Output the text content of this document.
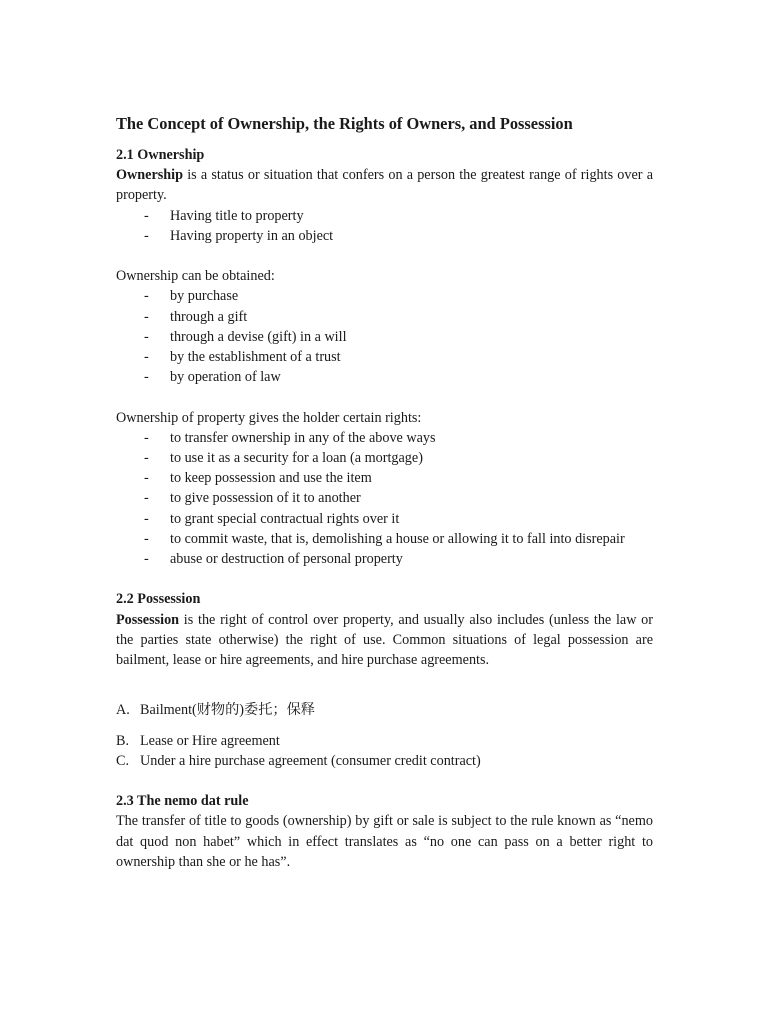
The Concept of Ownership, the Rights of Owners, and Possession
2.1 Ownership

Ownership is a status or situation that confers on a person the greatest range of rights over a property.

- Having title to property
- Having property in an object

Ownership can be obtained:

- by purchase
- through a gift
- through a devise (gift) in a will
- by the establishment of a trust
- by operation of law

Ownership of property gives the holder certain rights:

- to transfer ownership in any of the above ways
- to use it as a security for a loan (a mortgage)
- to keep possession and use the item
- to give possession of it to another
- to grant special contractual rights over it
- to commit waste, that is, demolishing a house or allowing it to fall into disrepair
- abuse or destruction of personal property
2.2 Possession

Possession is the right of control over property, and usually also includes (unless the law or the parties state otherwise) the right of use. Common situations of legal possession are bailment, lease or hire agreements, and hire purchase agreements.

A. Bailment(财物的)委托；保释
B. Lease or Hire agreement
C. Under a hire purchase agreement (consumer credit contract)
2.3 The nemo dat rule

The transfer of title to goods (ownership) by gift or sale is subject to the rule known as “nemo dat quod non habet” which in effect translates as “no one can pass on a better right to ownership than she or he has”.
